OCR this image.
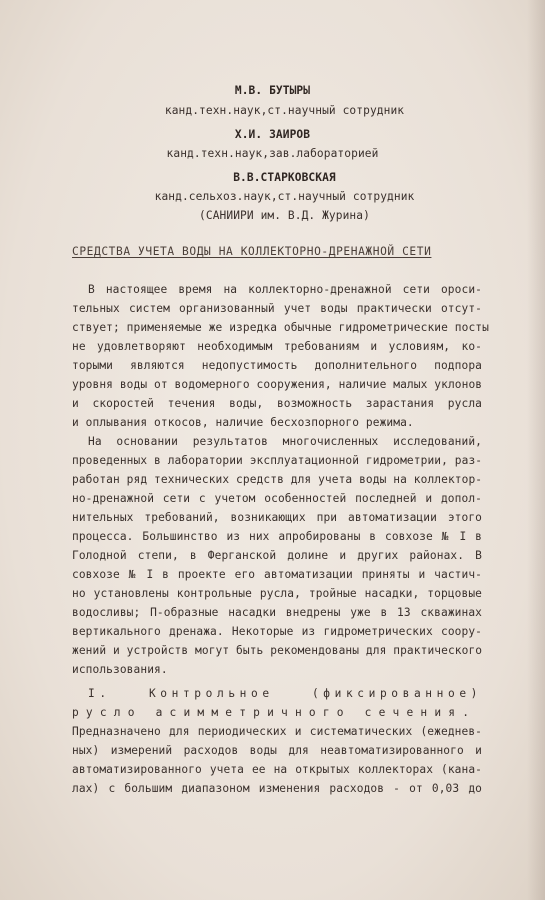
М.В. БУТЫРЫ
канд.техн.наук,ст.научный сотрудник
Х.И. ЗАИРОВ
канд.техн.наук,зав.лабораторией
В.В.СТАРКОВСКАЯ
канд.сельхоз.наук,ст.научный сотрудник
(САНИИРИ им. В.Д. Журина)
СРЕДСТВА УЧЕТА ВОДЫ НА КОЛЛЕКТОРНО-ДРЕНАЖНОЙ СЕТИ
В настоящее время на коллекторно-дренажной сети ороси-
тельных систем организованный учет воды практически отсут-
ствует; применяемые же изредка обычные гидрометрические посты
не удовлетворяют необходимым требованиям и условиям, ко-
торыми являются недопустимость дополнительного подпора
уровня воды от водомерного сооружения, наличие малых уклонов
и скоростей течения воды, возможность зарастания русла
и оплывания откосов, наличие бесхозпорного режима.
На основании результатов многочисленных исследований,
проведенных в лаборатории эксплуатационной гидрометрии, раз-
работан ряд технических средств для учета воды на коллектор-
но-дренажной сети с учетом особенностей последней и допол-
нительных требований, возникающих при автоматизации этого
процесса. Большинство из них апробированы в совхозе № I в
Голодной степи, в Ферганской долине и других районах. В
совхозе № I в проекте его автоматизации приняты и частич-
но установлены контрольные русла, тройные насадки, торцовые
водосливы; П-образные насадки внедрены уже в 13 скважинах
вертикального дренажа. Некоторые из гидрометрических соору-
жений и устройств могут быть рекомендованы для практического
использования.
I. Контрольное (фиксированное)
русло асимметричного сечения.
Предназначено для периодических и систематических (ежеднев-
ных) измерений расходов воды для неавтоматизированного и
автоматизированного учета ее на открытых коллекторах (кана-
лах) с большим диапазоном изменения расходов - от 0,03 до
